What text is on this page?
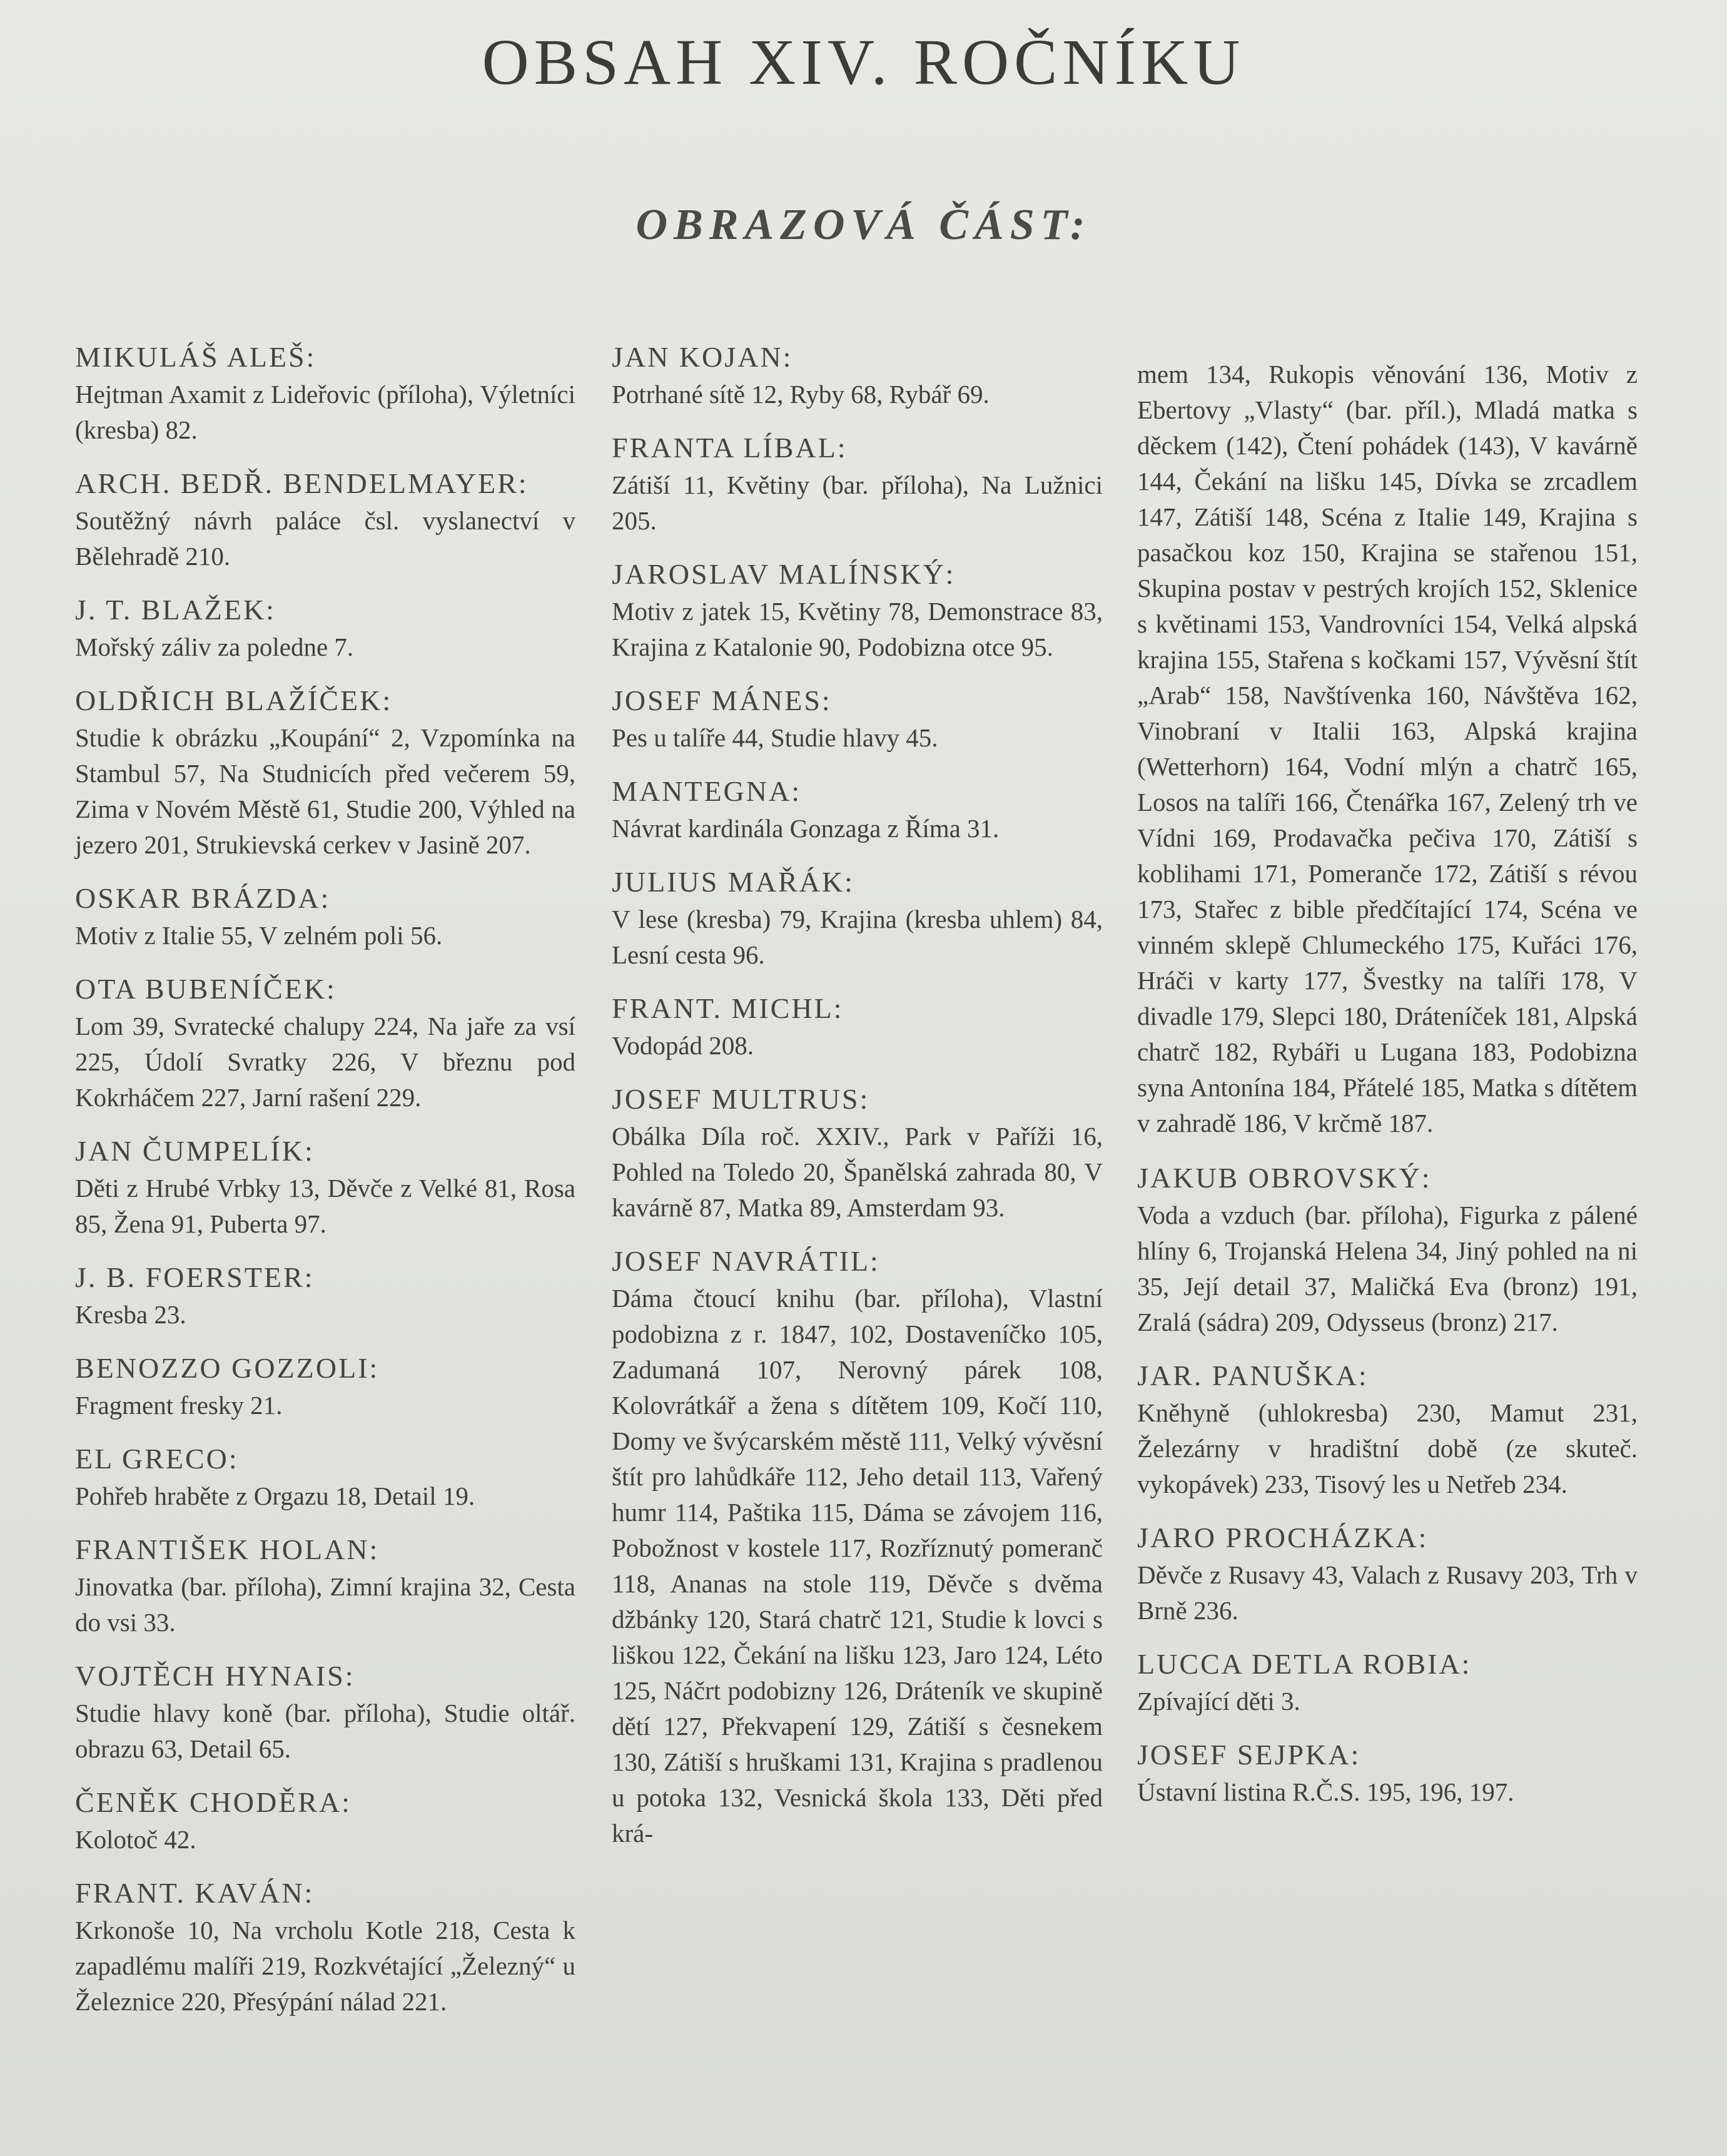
OBSAH XIV. ROČNÍKU
OBRAZOVÁ ČÁST:
MIKULÁŠ ALEŠ:
Hejtman Axamit z Lideřovic (příloha), Výletníci (kresba) 82.
ARCH. BEDŘ. BENDELMAYER:
Soutěžný návrh paláce čsl. vyslanectví v Bělehradě 210.
J. T. BLAŽEK:
Mořský záliv za poledne 7.
OLDŘICH BLAŽÍČEK:
Studie k obrázku „Koupání“ 2, Vzpomínka na Stambul 57, Na Studnicích před večerem 59, Zima v Novém Městě 61, Studie 200, Výhled na jezero 201, Strukievská cerkev v Jasině 207.
OSKAR BRÁZDA:
Motiv z Italie 55, V zelném poli 56.
OTA BUBENÍČEK:
Lom 39, Svratecké chalupy 224, Na jaře za vsí 225, Údolí Svratky 226, V březnu pod Kokrháčem 227, Jarní rašení 229.
JAN ČUMPELÍK:
Děti z Hrubé Vrbky 13, Děvče z Velké 81, Rosa 85, Žena 91, Puberta 97.
J. B. FOERSTER:
Kresba 23.
BENOZZO GOZZOLI:
Fragment fresky 21.
EL GRECO:
Pohřeb hraběte z Orgazu 18, Detail 19.
FRANTIŠEK HOLAN:
Jinovatka (bar. příloha), Zimní krajina 32, Cesta do vsi 33.
VOJTĚCH HYNAIS:
Studie hlavy koně (bar. příloha), Studie oltář. obrazu 63, Detail 65.
ČENĚK CHODĚRA:
Kolotoč 42.
FRANT. KAVÁN:
Krkonoše 10, Na vrcholu Kotle 218, Cesta k zapadlému malíři 219, Rozkvétající „Železný“ u Železnice 220, Přesýpání nálad 221.
JAN KOJAN:
Potrhané sítě 12, Ryby 68, Rybář 69.
FRANTA LÍBAL:
Zátiší 11, Květiny (bar. příloha), Na Lužnici 205.
JAROSLAV MALÍNSKÝ:
Motiv z jatek 15, Květiny 78, Demonstrace 83, Krajina z Katalonie 90, Podobizna otce 95.
JOSEF MÁNES:
Pes u talíře 44, Studie hlavy 45.
MANTEGNA:
Návrat kardinála Gonzaga z Říma 31.
JULIUS MAŘÁK:
V lese (kresba) 79, Krajina (kresba uhlem) 84, Lesní cesta 96.
FRANT. MICHL:
Vodopád 208.
JOSEF MULTRUS:
Obálka Díla roč. XXIV., Park v Paříži 16, Pohled na Toledo 20, Španělská zahrada 80, V kavárně 87, Matka 89, Amsterdam 93.
JOSEF NAVRÁTIL:
Dáma čtoucí knihu (bar. příloha), Vlastní podobizna z r. 1847, 102, Dostaveníčko 105, Zadumaná 107, Nerovný párek 108, Kolovrátkář a žena s dítětem 109, Kočí 110, Domy ve švýcarském městě 111, Velký vývěsní štít pro lahůdkáře 112, Jeho detail 113, Vařený humr 114, Paštika 115, Dáma se závojem 116, Pobožnost v kostele 117, Rozříznutý pomeranč 118, Ananas na stole 119, Děvče s dvěma džbánky 120, Stará chatrč 121, Studie k lovci s liškou 122, Čekání na lišku 123, Jaro 124, Léto 125, Náčrt podobizny 126, Dráteník ve skupině dětí 127, Překvapení 129, Zátiší s česnekem 130, Zátiší s hruškami 131, Krajina s pradlenou u potoka 132, Vesnická škola 133, Děti před krá-

mem 134, Rukopis věnování 136, Motiv z Ebertovy „Vlasty“ (bar. příl.), Mladá matka s děckem (142), Čtení pohádek (143), V kavárně 144, Čekání na lišku 145, Dívka se zrcadlem 147, Zátiší 148, Scéna z Italie 149, Krajina s pasačkou koz 150, Krajina se stařenou 151, Skupina postav v pestrých krojích 152, Sklenice s květinami 153, Vandrovníci 154, Velká alpská krajina 155, Stařena s kočkami 157, Vývěsní štít „Arab“ 158, Navštívenka 160, Návštěva 162, Vinobraní v Italii 163, Alpská krajina (Wetterhorn) 164, Vodní mlýn a chatrč 165, Losos na talíři 166, Čtenářka 167, Zelený trh ve Vídni 169, Prodavačka pečiva 170, Zátiší s koblihami 171, Pomeranče 172, Zátiší s révou 173, Stařec z bible předčítající 174, Scéna ve vinném sklepě Chlumeckého 175, Kuřáci 176, Hráči v karty 177, Švestky na talíři 178, V divadle 179, Slepci 180, Dráteníček 181, Alpská chatrč 182, Rybáři u Lugana 183, Podobizna syna Antonína 184, Přátelé 185, Matka s dítětem v zahradě 186, V krčmě 187.

JAKUB OBROVSKÝ:
Voda a vzduch (bar. příloha), Figurka z pálené hlíny 6, Trojanská Helena 34, Jiný pohled na ni 35, Její detail 37, Maličká Eva (bronz) 191, Zralá (sádra) 209, Odysseus (bronz) 217.
JAR. PANUŠKA:
Kněhyně (uhlokresba) 230, Mamut 231, Železárny v hradištní době (ze skuteč. vykopávek) 233, Tisový les u Netřeb 234.
JARO PROCHÁZKA:
Děvče z Rusavy 43, Valach z Rusavy 203, Trh v Brně 236.
LUCCA DETLA ROBIA:
Zpívající děti 3.
JOSEF SEJPKA:
Ústavní listina R.Č.S. 195, 196, 197.
